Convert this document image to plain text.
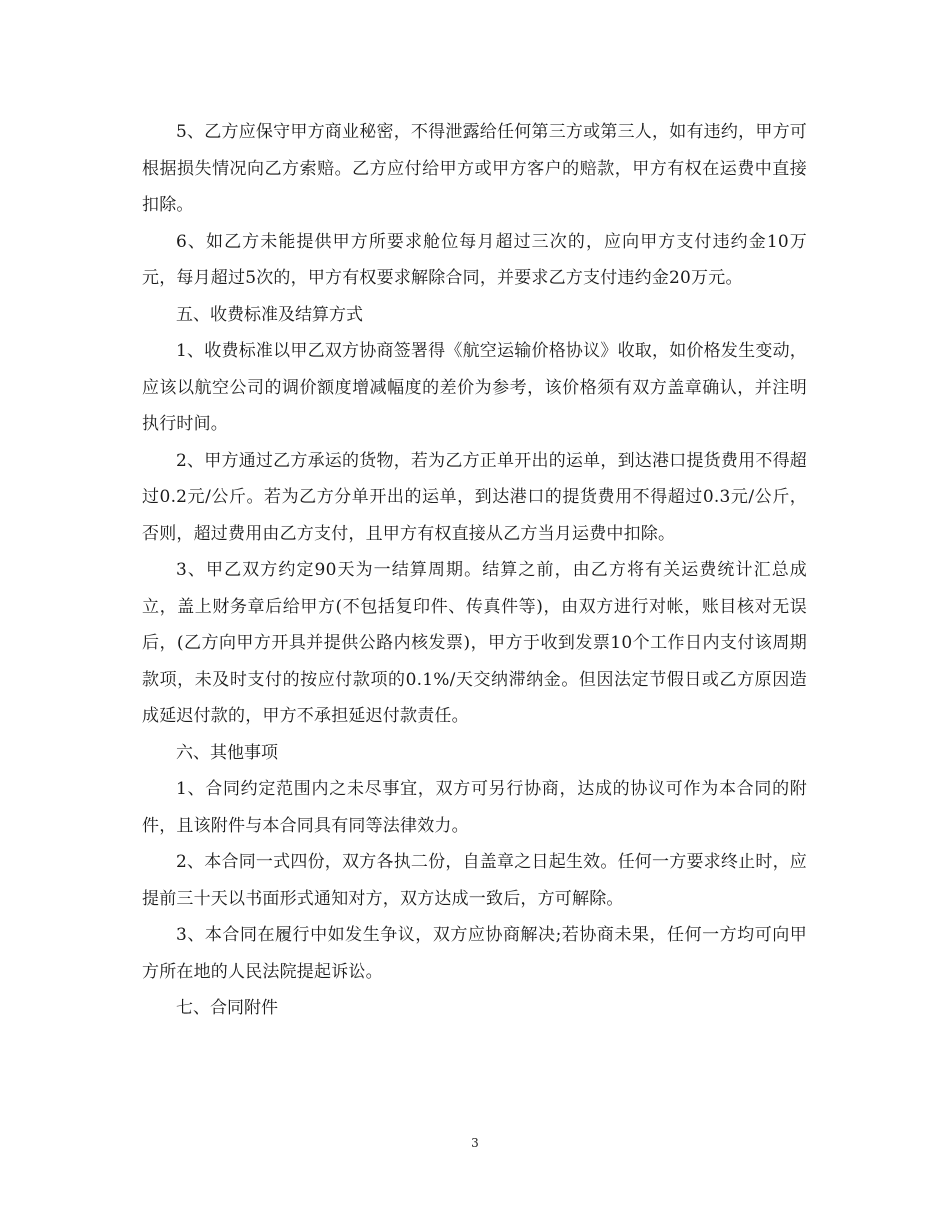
5、乙方应保守甲方商业秘密，不得泄露给任何第三方或第三人，如有违约，甲方可根据损失情况向乙方索赔。乙方应付给甲方或甲方客户的赔款，甲方有权在运费中直接扣除。

6、如乙方未能提供甲方所要求舱位每月超过三次的，应向甲方支付违约金10万元，每月超过5次的，甲方有权要求解除合同，并要求乙方支付违约金20万元。

五、收费标准及结算方式

1、收费标准以甲乙双方协商签署得《航空运输价格协议》收取，如价格发生变动，应该以航空公司的调价额度增减幅度的差价为参考，该价格须有双方盖章确认，并注明执行时间。

2、甲方通过乙方承运的货物，若为乙方正单开出的运单，到达港口提货费用不得超过0.2元/公斤。若为乙方分单开出的运单，到达港口的提货费用不得超过0.3元/公斤，否则，超过费用由乙方支付，且甲方有权直接从乙方当月运费中扣除。

3、甲乙双方约定90天为一结算周期。结算之前，由乙方将有关运费统计汇总成立，盖上财务章后给甲方(不包括复印件、传真件等)，由双方进行对帐，账目核对无误后，(乙方向甲方开具并提供公路内核发票)，甲方于收到发票10个工作日内支付该周期款项，未及时支付的按应付款项的0.1%/天交纳滞纳金。但因法定节假日或乙方原因造成延迟付款的，甲方不承担延迟付款责任。

六、其他事项

1、合同约定范围内之未尽事宜，双方可另行协商，达成的协议可作为本合同的附件，且该附件与本合同具有同等法律效力。

2、本合同一式四份，双方各执二份，自盖章之日起生效。任何一方要求终止时，应提前三十天以书面形式通知对方，双方达成一致后，方可解除。

3、本合同在履行中如发生争议，双方应协商解决;若协商未果，任何一方均可向甲方所在地的人民法院提起诉讼。

七、合同附件

3
